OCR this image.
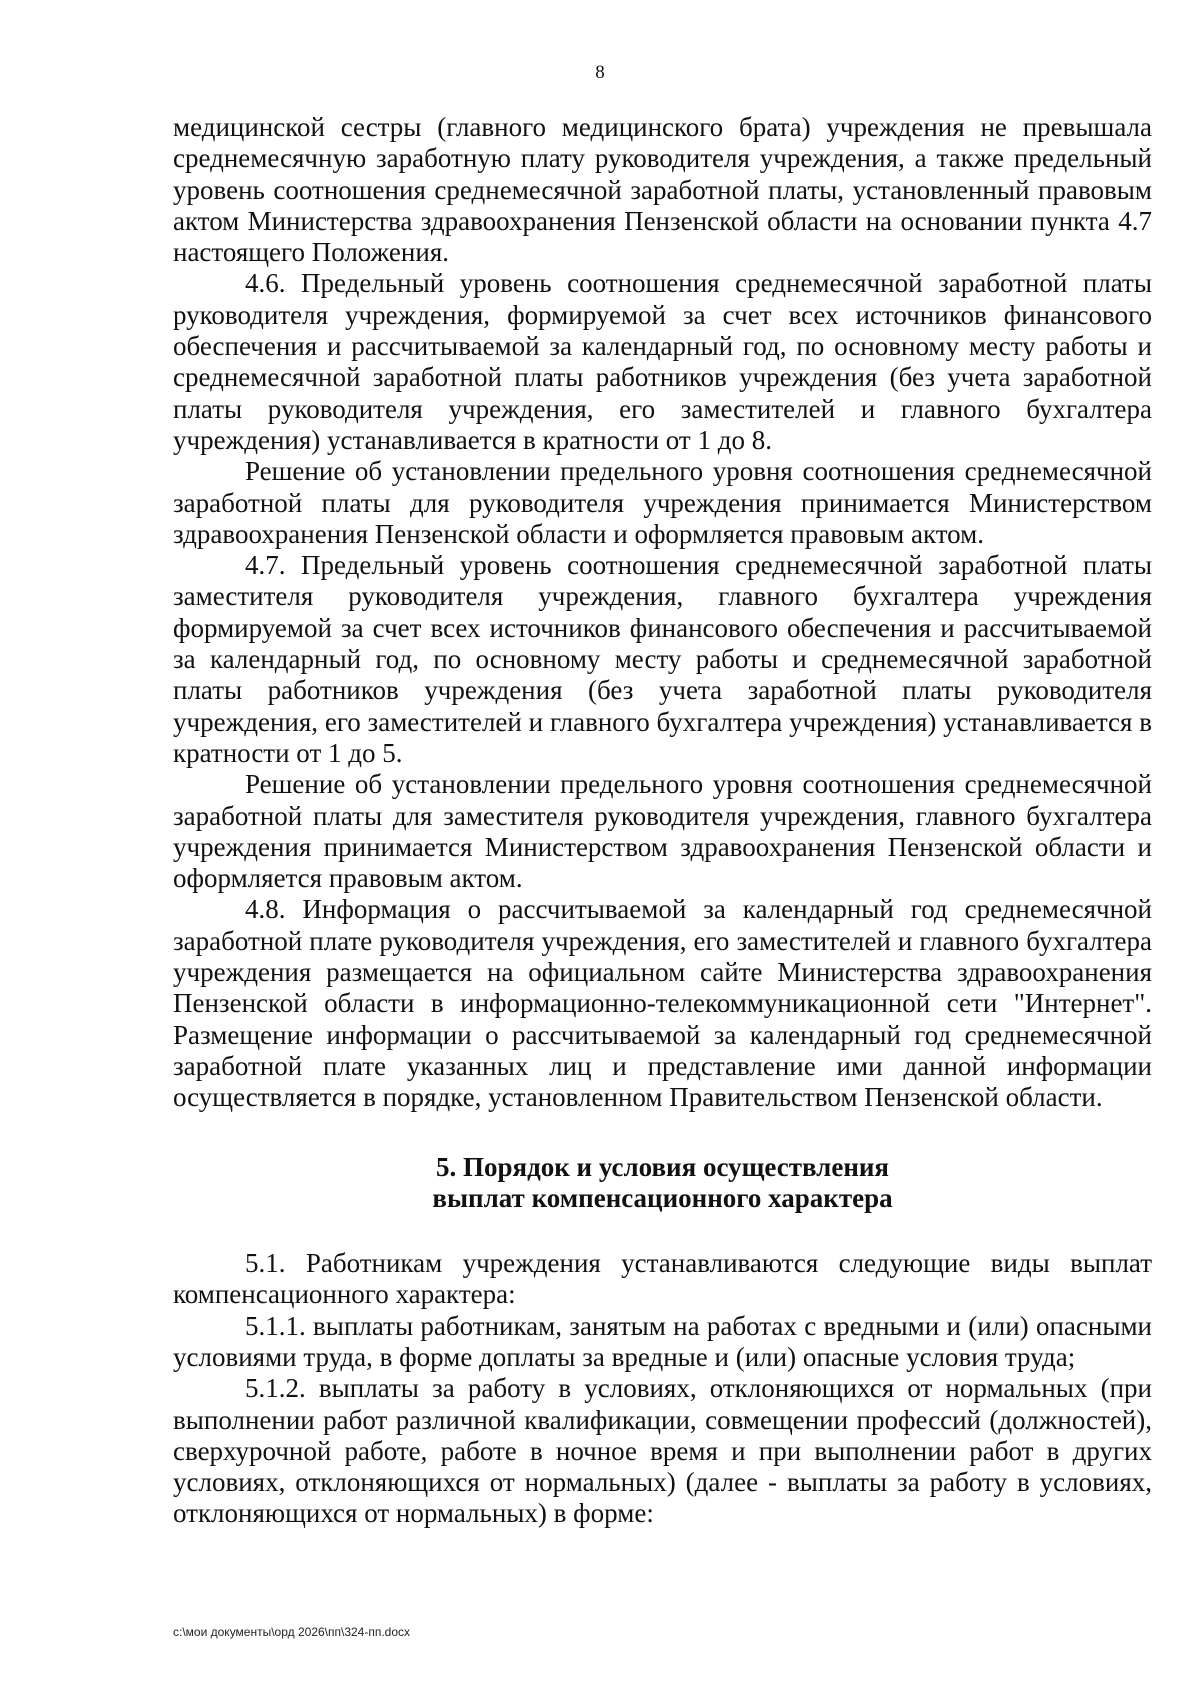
8

медицинской сестры (главного медицинского брата) учреждения не превышала среднемесячную заработную плату руководителя учреждения, а также предельный уровень соотношения среднемесячной заработной платы, установленный правовым актом Министерства здравоохранения Пензенской области на основании пункта 4.7 настоящего Положения.

4.6. Предельный уровень соотношения среднемесячной заработной платы руководителя учреждения, формируемой за счет всех источников финансового обеспечения и рассчитываемой за календарный год, по основному месту работы и среднемесячной заработной платы работников учреждения (без учета заработной платы руководителя учреждения, его заместителей и главного бухгалтера учреждения) устанавливается в кратности от 1 до 8.

Решение об установлении предельного уровня соотношения среднемесячной заработной платы для руководителя учреждения принимается Министерством здравоохранения Пензенской области и оформляется правовым актом.

4.7. Предельный уровень соотношения среднемесячной заработной платы заместителя руководителя учреждения, главного бухгалтера учреждения формируемой за счет всех источников финансового обеспечения и рассчитываемой за календарный год, по основному месту работы и среднемесячной заработной платы работников учреждения (без учета заработной платы руководителя учреждения, его заместителей и главного бухгалтера учреждения) устанавливается в кратности от 1 до 5.

Решение об установлении предельного уровня соотношения среднемесячной заработной платы для заместителя руководителя учреждения, главного бухгалтера учреждения принимается Министерством здравоохранения Пензенской области и оформляется правовым актом.

4.8. Информация о рассчитываемой за календарный год среднемесячной заработной плате руководителя учреждения, его заместителей и главного бухгалтера учреждения размещается на официальном сайте Министерства здравоохранения Пензенской области в информационно-телекоммуникационной сети "Интернет". Размещение информации о рассчитываемой за календарный год среднемесячной заработной плате указанных лиц и представление ими данной информации осуществляется в порядке, установленном Правительством Пензенской области.

5. Порядок и условия осуществления
выплат компенсационного характера

5.1. Работникам учреждения устанавливаются следующие виды выплат компенсационного характера:

5.1.1. выплаты работникам, занятым на работах с вредными и (или) опасными условиями труда, в форме доплаты за вредные и (или) опасные условия труда;

5.1.2. выплаты за работу в условиях, отклоняющихся от нормальных (при выполнении работ различной квалификации, совмещении профессий (должностей), сверхурочной работе, работе в ночное время и при выполнении работ в других условиях, отклоняющихся от нормальных) (далее - выплаты за работу в условиях, отклоняющихся от нормальных) в форме:

c:\мои документы\орд 2026\пп\324-пп.docx
